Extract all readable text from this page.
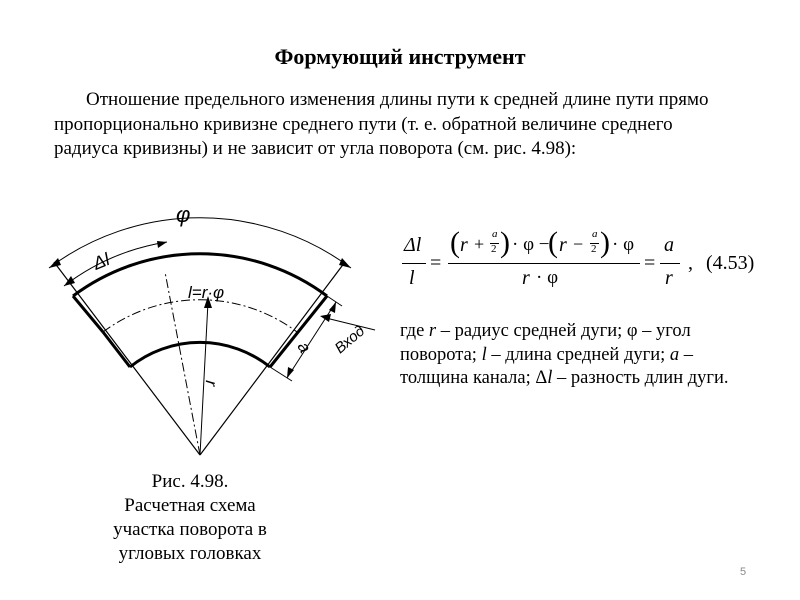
Формующий инструмент
Отношение предельного изменения длины пути к средней длине пути прямо пропорционально кривизне среднего пути (т. е. обратной величине среднего радиуса кривизны) и не зависит от угла поворота (см. рис. 4.98):
φ
Δl
l=r·φ
a Вход
r
Δl
l
=
( r + a
2 ) · φ −
( r − a
2 ) · φ
r · φ
=
a
r
, (4.53)
где r – радиус средней дуги; φ – угол поворота; l – длина средней дуги; a – толщина канала; Δl – разность длин дуги.
Рис. 4.98.
Расчетная схема
участка поворота в
угловых головках
5
